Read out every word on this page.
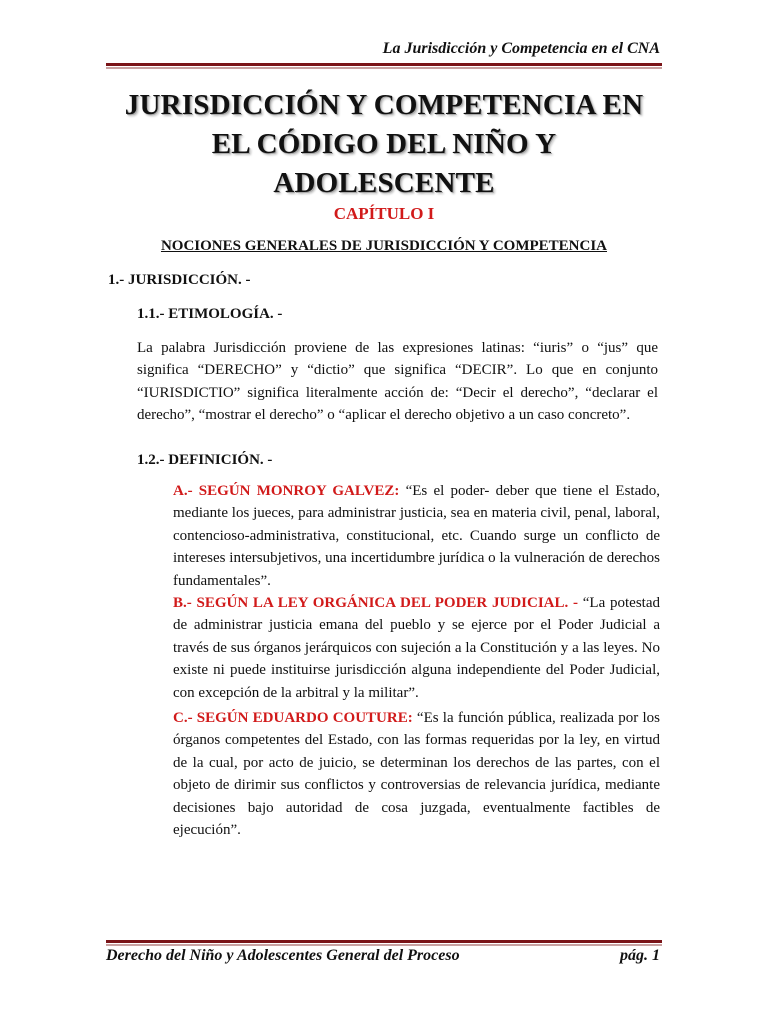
La Jurisdicción y Competencia en el CNA
JURISDICCIÓN Y COMPETENCIA EN
EL CÓDIGO DEL NIÑO Y
ADOLESCENTE
CAPÍTULO I
NOCIONES GENERALES DE JURISDICCIÓN Y COMPETENCIA
1.- JURISDICCIÓN. -
1.1.- ETIMOLOGÍA. -
La palabra Jurisdicción proviene de las expresiones latinas: “iuris” o “jus” que significa “DERECHO” y “dictio” que significa “DECIR”. Lo que en conjunto “IURISDICTIO” significa literalmente acción de: “Decir el derecho”, “declarar el derecho”, “mostrar el derecho” o “aplicar el derecho objetivo a un caso concreto”.
1.2.- DEFINICIÓN. -
A.- SEGÚN MONROY GALVEZ: “Es el poder- deber que tiene el Estado, mediante los jueces, para administrar justicia, sea en materia civil, penal, laboral, contencioso-administrativa, constitucional, etc. Cuando surge un conflicto de intereses intersubjetivos, una incertidumbre jurídica o la vulneración de derechos fundamentales”.
B.- SEGÚN LA LEY ORGÁNICA DEL PODER JUDICIAL. - “La potestad de administrar justicia emana del pueblo y se ejerce por el Poder Judicial a través de sus órganos jerárquicos con sujeción a la Constitución y a las leyes. No existe ni puede instituirse jurisdicción alguna independiente del Poder Judicial, con excepción de la arbitral y la militar”.
C.- SEGÚN EDUARDO COUTURE: “Es la función pública, realizada por los órganos competentes del Estado, con las formas requeridas por la ley, en virtud de la cual, por acto de juicio, se determinan los derechos de las partes, con el objeto de dirimir sus conflictos y controversias de relevancia jurídica, mediante decisiones bajo autoridad de cosa juzgada, eventualmente factibles de ejecución”.
Derecho del Niño y Adolescentes General del Proceso	pág. 1
